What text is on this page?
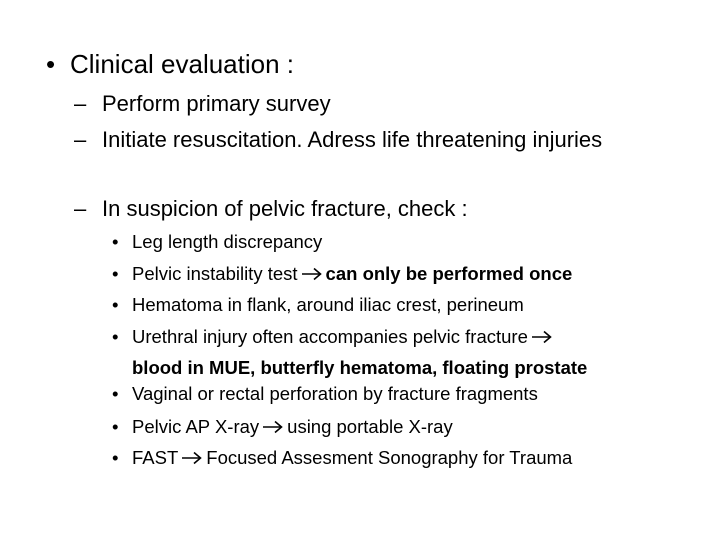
• Clinical evaluation :
– Perform primary survey
– Initiate resuscitation. Adress life threatening injuries
– In suspicion of pelvic fracture, check :
• Leg length discrepancy
• Pelvic instability test can only be performed once
• Hematoma in flank, around iliac crest, perineum
• Urethral injury often accompanies pelvic fracture
blood in MUE, butterfly hematoma, floating prostate
• Vaginal or rectal perforation by fracture fragments
• Pelvic AP X-ray using portable X-ray
• FAST Focused Assesment Sonography for Trauma
